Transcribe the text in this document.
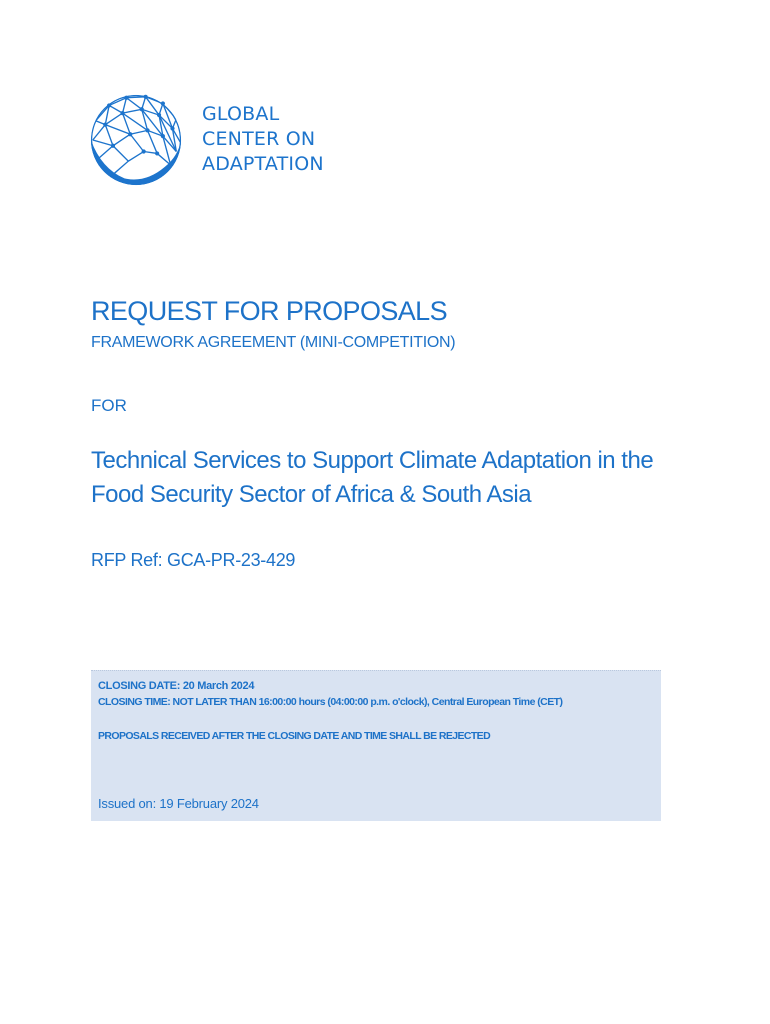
GLOBAL
CENTER ON
ADAPTATION
REQUEST FOR PROPOSALS
FRAMEWORK AGREEMENT (MINI-COMPETITION)
FOR
Technical Services to Support Climate Adaptation in the
Food Security Sector of Africa & South Asia
RFP Ref: GCA-PR-23-429
CLOSING DATE: 20 March 2024
CLOSING TIME: NOT LATER THAN 16:00:00 hours (04:00:00 p.m. o'clock), Central European Time (CET)
PROPOSALS RECEIVED AFTER THE CLOSING DATE AND TIME SHALL BE REJECTED
Issued on: 19 February 2024
